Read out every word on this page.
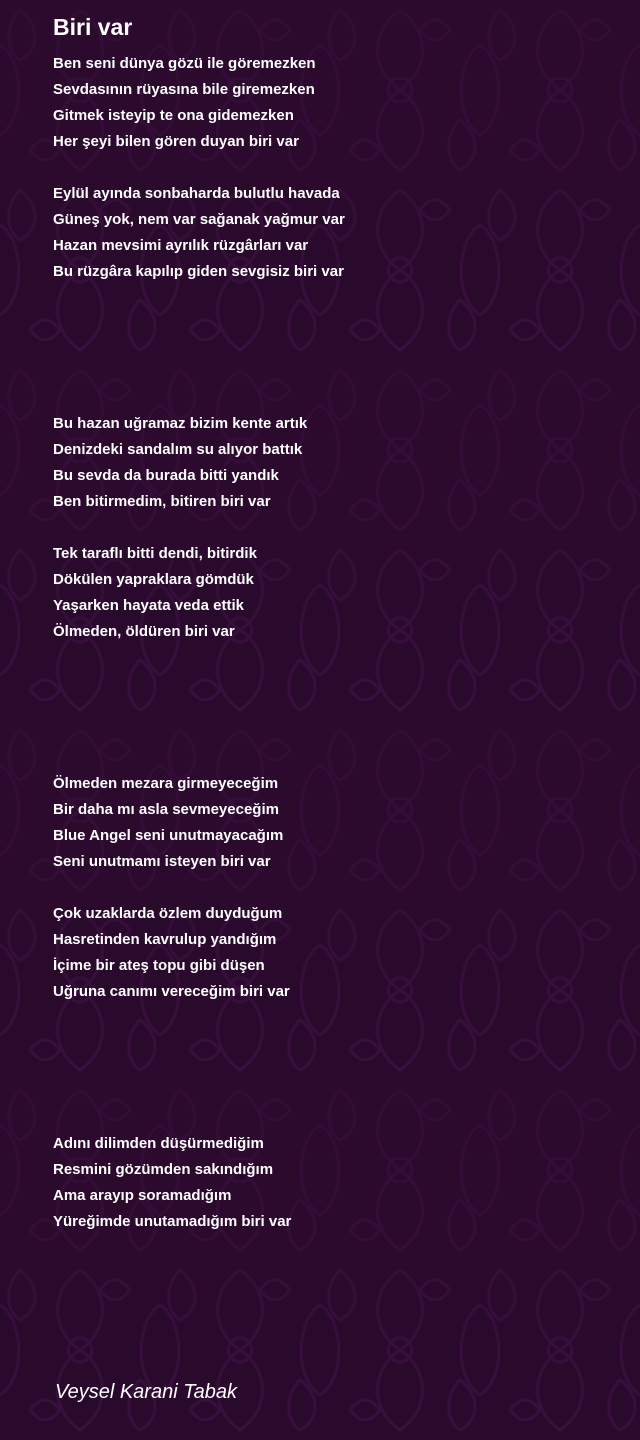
Biri var
Ben seni dünya gözü ile göremezken
Sevdasının rüyasına bile giremezken
Gitmek isteyip te ona gidemezken
Her şeyi bilen gören duyan biri var
Eylül ayında sonbaharda bulutlu havada
Güneş yok, nem var sağanak yağmur var
Hazan mevsimi ayrılık rüzgârları var
Bu rüzgâra kapılıp giden sevgisiz biri var
Bu hazan uğramaz bizim kente artık
Denizdeki sandalım su alıyor battık
Bu sevda da burada bitti yandık
Ben bitirmedim, bitiren biri var
Tek taraflı bitti dendi, bitirdik
Dökülen yapraklara gömdük
Yaşarken hayata veda ettik
Ölmeden, öldüren biri var
Ölmeden mezara girmeyeceğim
Bir daha mı asla sevmeyeceğim
Blue Angel seni unutmayacağım
Seni unutmamı isteyen biri var
Çok uzaklarda özlem duyduğum
Hasretinden kavrulup yandığım
İçime bir ateş topu gibi düşen
Uğruna canımı vereceğim biri var
Adını dilimden düşürmediğim
Resmini gözümden sakındığım
Ama arayıp soramadığım
Yüreğimde unutamadığım biri var

Veysel Karani Tabak
